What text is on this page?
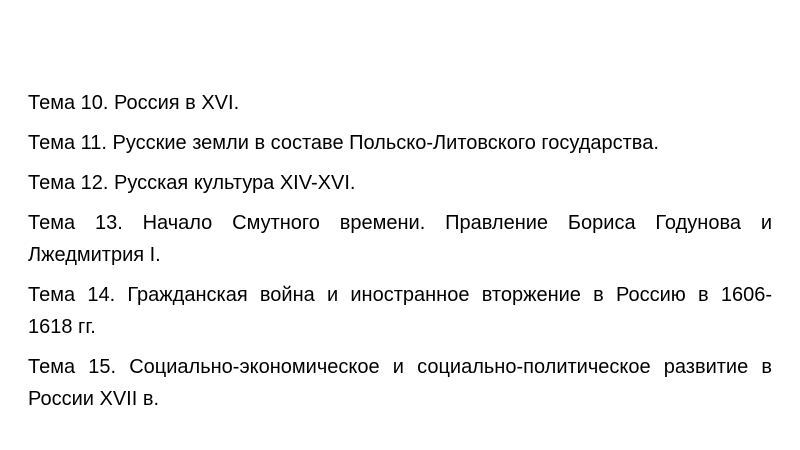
Тема 10. Россия в XVI.
Тема 11. Русские земли в составе Польско-Литовского государства.
Тема 12. Русская культура XIV-XVI.
Тема 13. Начало Смутного времени. Правление Бориса Годунова и
Лжедмитрия I.
Тема 14. Гражданская война и иностранное вторжение в Россию в 1606-
1618 гг.
Тема 15. Социально-экономическое и социально-политическое развитие в
России XVII в.
